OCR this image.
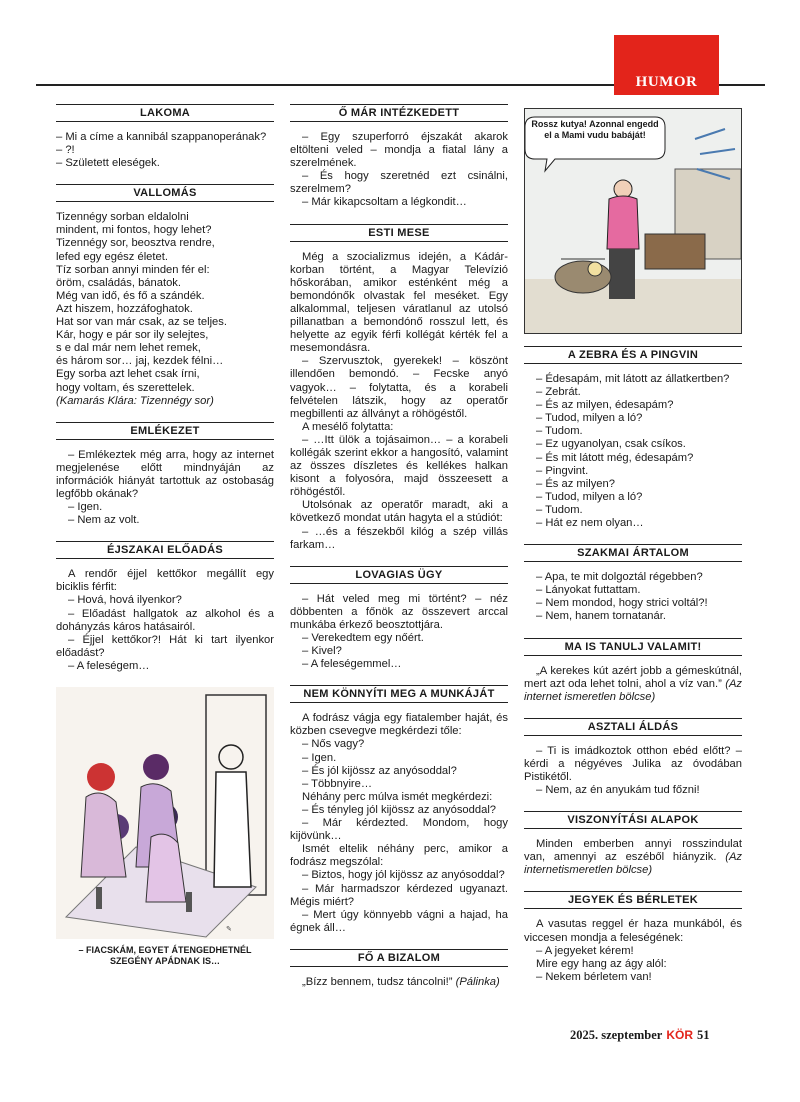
HUMOR
LAKOMA

– Mi a címe a kannibál szappanoperának?

– ?!

– Született eleségek.

VALLOMÁS

Tizennégy sorban eldalolni

mindent, mi fontos, hogy lehet?

Tizennégy sor, beosztva rendre,

lefed egy egész életet.

Tíz sorban annyi minden fér el:

öröm, családás, bánatok.

Még van idő, és fő a szándék.

Azt hiszem, hozzáfoghatok.

Hat sor van már csak, az se teljes.

Kár, hogy e pár sor ily selejtes,

s e dal már nem lehet remek,

és három sor… jaj, kezdek félni…

Egy sorba azt lehet csak írni,

hogy voltam, és szerettelek.

(Kamarás Klára: Tizennégy sor)

EMLÉKEZET

– Emlékeztek még arra, hogy az internet megjelenése előtt mindnyáján az információk hiányát tartottuk az ostobaság legfőbb okának?

– Igen.

– Nem az volt.

ÉJSZAKAI ELŐADÁS

A rendőr éjjel kettőkor megállít egy biciklis férfit:

– Hová, hová ilyenkor?

– Előadást hallgatok az alkohol és a dohányzás káros hatásairól.

– Éjjel kettőkor?! Hát ki tart ilyenkor előadást?

– A feleségem…

✎
– FIACSKÁM, EGYET ÁTENGEDHETNÉL
SZEGÉNY APÁDNAK IS…
Ő MÁR INTÉZKEDETT

– Egy szuperforró éjszakát akarok eltölteni veled – mondja a fiatal lány a szerelmének.

– És hogy szeretnéd ezt csinálni, szerelmem?

– Már kikapcsoltam a légkondit…

ESTI MESE

Még a szocializmus idején, a Kádár-korban történt, a Magyar Televízió hőskorában, amikor esténként még a bemondónők olvastak fel meséket. Egy alkalommal, teljesen váratlanul az utolsó pillanatban a bemondónő rosszul lett, és helyette az egyik férfi kollégát kérték fel a mesemondásra.

– Szervusztok, gyerekek! – köszönt illendően bemondó. – Fecske anyó vagyok… – folytatta, és a korabeli felvételen látszik, hogy az operatőr megbillenti az állványt a röhögéstől.

A mesélő folytatta:

– …Itt ülök a tojásaimon… – a korabeli kollégák szerint ekkor a hangosító, valamint az összes díszletes és kellékes halkan kisont a folyosóra, majd összeesett a röhögéstől.

Utolsónak az operatőr maradt, aki a következő mondat után hagyta el a stúdiót:

– …és a fészekből kilóg a szép villás farkam…

LOVAGIAS ÜGY

– Hát veled meg mi történt? – néz döbbenten a főnök az összevert arccal munkába érkező beosztottjára.

– Verekedtem egy nőért.

– Kivel?

– A feleségemmel…

NEM KÖNNYÍTI MEG A MUNKÁJÁT

A fodrász vágja egy fiatalember haját, és közben csevegve megkérdezi tőle:

– Nős vagy?

– Igen.

– És jól kijössz az anyósoddal?

– Többnyire…

Néhány perc múlva ismét megkérdezi:

– És tényleg jól kijössz az anyósoddal?

– Már kérdezted. Mondom, hogy kijövünk…

Ismét eltelik néhány perc, amikor a fodrász megszólal:

– Biztos, hogy jól kijössz az anyósoddal?

– Már harmadszor kérdezed ugyanazt. Mégis miért?

– Mert úgy könnyebb vágni a hajad, ha égnek áll…

FŐ A BIZALOM

„Bízz bennem, tudsz táncolni!” (Pálinka)

Rossz kutya! Azonnal engedd el a Mami vudu babáját!
A ZEBRA ÉS A PINGVIN

– Édesapám, mit látott az állatkertben?

– Zebrát.

– És az milyen, édesapám?

– Tudod, milyen a ló?

– Tudom.

– Ez ugyanolyan, csak csíkos.

– És mit látott még, édesapám?

– Pingvint.

– És az milyen?

– Tudod, milyen a ló?

– Tudom.

– Hát ez nem olyan…

SZAKMAI ÁRTALOM

– Apa, te mit dolgoztál régebben?

– Lányokat futtattam.

– Nem mondod, hogy strici voltál?!

– Nem, hanem tornatanár.

MA IS TANULJ VALAMIT!

„A kerekes kút azért jobb a gémeskútnál, mert azt oda lehet tolni, ahol a víz van.” (Az internet ismeretlen bölcse)

ASZTALI ÁLDÁS

– Ti is imádkoztok otthon ebéd előtt? – kérdi a négyéves Julika az óvodában Pistikétől.

– Nem, az én anyukám tud főzni!

VISZONYÍTÁSI ALAPOK

Minden emberben annyi rosszindulat van, amennyi az eszéből hiányzik. (Az internetismeretlen bölcse)

JEGYEK ÉS BÉRLETEK

A vasutas reggel ér haza munkából, és viccesen mondja a feleségének:

– A jegyeket kérem!

Mire egy hang az ágy alól:

– Nekem bérletem van!

2025. szeptember KÖR 51
